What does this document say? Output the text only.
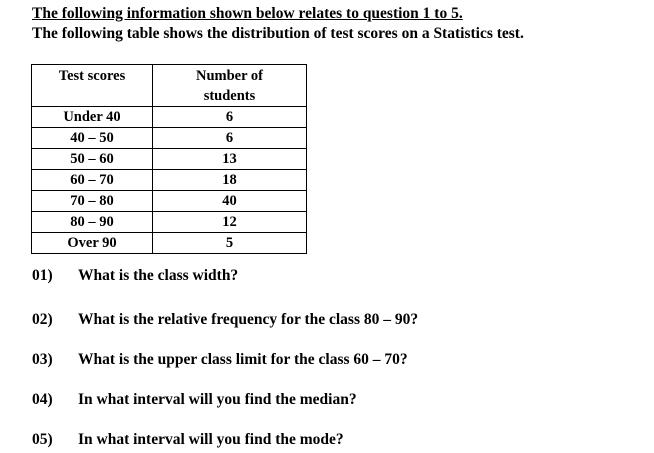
The following information shown below relates to question 1 to 5.
The following table shows the distribution of test scores on a Statistics test.
Test scores	Number of
students
Under 40	6
40 – 50	6
50 – 60	13
60 – 70	18
70 – 80	40
80 – 90	12
Over 90	5
01) What is the class width?
02) What is the relative frequency for the class 80 – 90?
03) What is the upper class limit for the class 60 – 70?
04) In what interval will you find the median?
05) In what interval will you find the mode?
